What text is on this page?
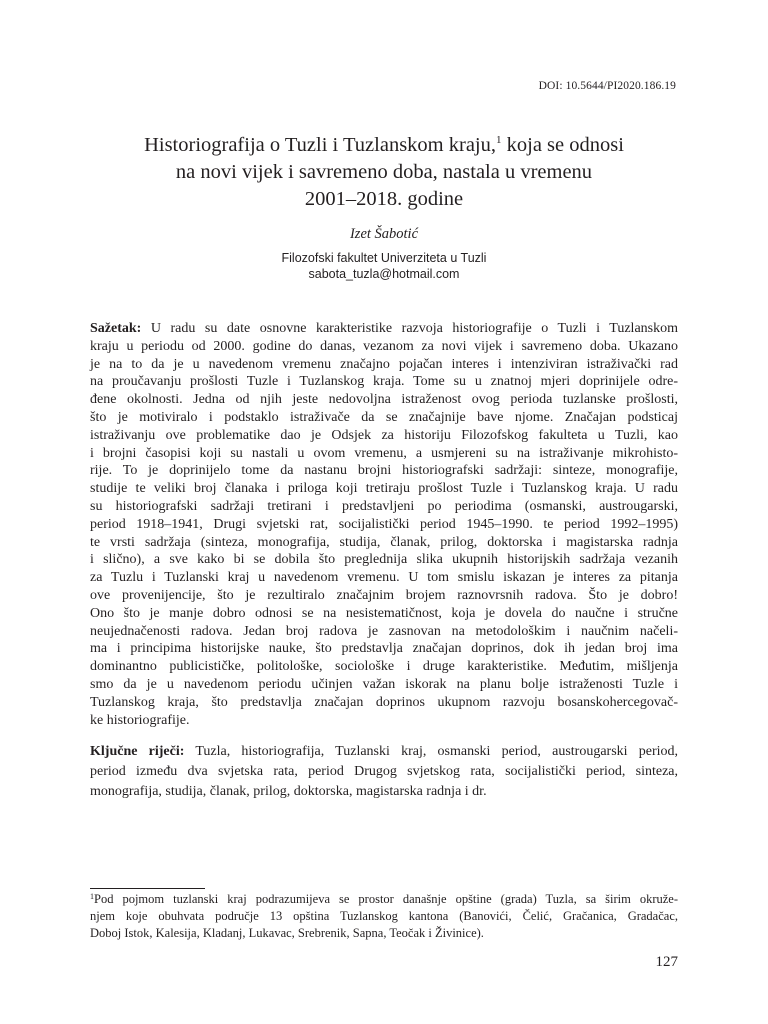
DOI: 10.5644/PI2020.186.19
Historiografija o Tuzli i Tuzlanskom kraju,$^1$ koja se odnosi
na novi vijek i savremeno doba, nastala u vremenu
2001–2018. godine
Izet Šabotić
Filozofski fakultet Univerziteta u Tuzli
sabota_tuzla@hotmail.com
Sažetak: U radu su date osnovne karakteristike razvoja historiografije o Tuzli i Tuzlanskom
kraju u periodu od 2000. godine do danas, vezanom za novi vijek i savremeno doba. Ukazano
je na to da je u navedenom vremenu značajno pojačan interes i intenziviran istraživački rad
na proučavanju prošlosti Tuzle i Tuzlanskog kraja. Tome su u znatnoj mjeri doprinijele odre-
đene okolnosti. Jedna od njih jeste nedovoljna istraženost ovog perioda tuzlanske prošlosti,
što je motiviralo i podstaklo istraživače da se značajnije bave njome. Značajan podsticaj
istraživanju ove problematike dao je Odsjek za historiju Filozofskog fakulteta u Tuzli, kao
i brojni časopisi koji su nastali u ovom vremenu, a usmjereni su na istraživanje mikrohisto-
rije. To je doprinijelo tome da nastanu brojni historiografski sadržaji: sinteze, monografije,
studije te veliki broj članaka i priloga koji tretiraju prošlost Tuzle i Tuzlanskog kraja. U radu
su historiografski sadržaji tretirani i predstavljeni po periodima (osmanski, austrougarski,
period 1918–1941, Drugi svjetski rat, socijalistički period 1945–1990. te period 1992–1995)
te vrsti sadržaja (sinteza, monografija, studija, članak, prilog, doktorska i magistarska radnja
i slično), a sve kako bi se dobila što preglednija slika ukupnih historijskih sadržaja vezanih
za Tuzlu i Tuzlanski kraj u navedenom vremenu. U tom smislu iskazan je interes za pitanja
ove provenijencije, što je rezultiralo značajnim brojem raznovrsnih radova. Što je dobro!
Ono što je manje dobro odnosi se na nesistematičnost, koja je dovela do naučne i stručne
neujednačenosti radova. Jedan broj radova je zasnovan na metodološkim i naučnim načeli-
ma i principima historijske nauke, što predstavlja značajan doprinos, dok ih jedan broj ima
dominantno publicističke, politološke, sociološke i druge karakteristike. Međutim, mišljenja
smo da je u navedenom periodu učinjen važan iskorak na planu bolje istraženosti Tuzle i
Tuzlanskog kraja, što predstavlja značajan doprinos ukupnom razvoju bosanskohercegovač-
ke historiografije.
Ključne riječi: Tuzla, historiografija, Tuzlanski kraj, osmanski period, austrougarski period,
period između dva svjetska rata, period Drugog svjetskog rata, socijalistički period, sinteza,
monografija, studija, članak, prilog, doktorska, magistarska radnja i dr.
$^1$Pod pojmom tuzlanski kraj podrazumijeva se prostor današnje opštine (grada) Tuzla, sa širim okruže-
njem koje obuhvata područje 13 opština Tuzlanskog kantona (Banovići, Čelić, Gračanica, Gradačac,
Doboj Istok, Kalesija, Kladanj, Lukavac, Srebrenik, Sapna, Teočak i Živinice).
127
